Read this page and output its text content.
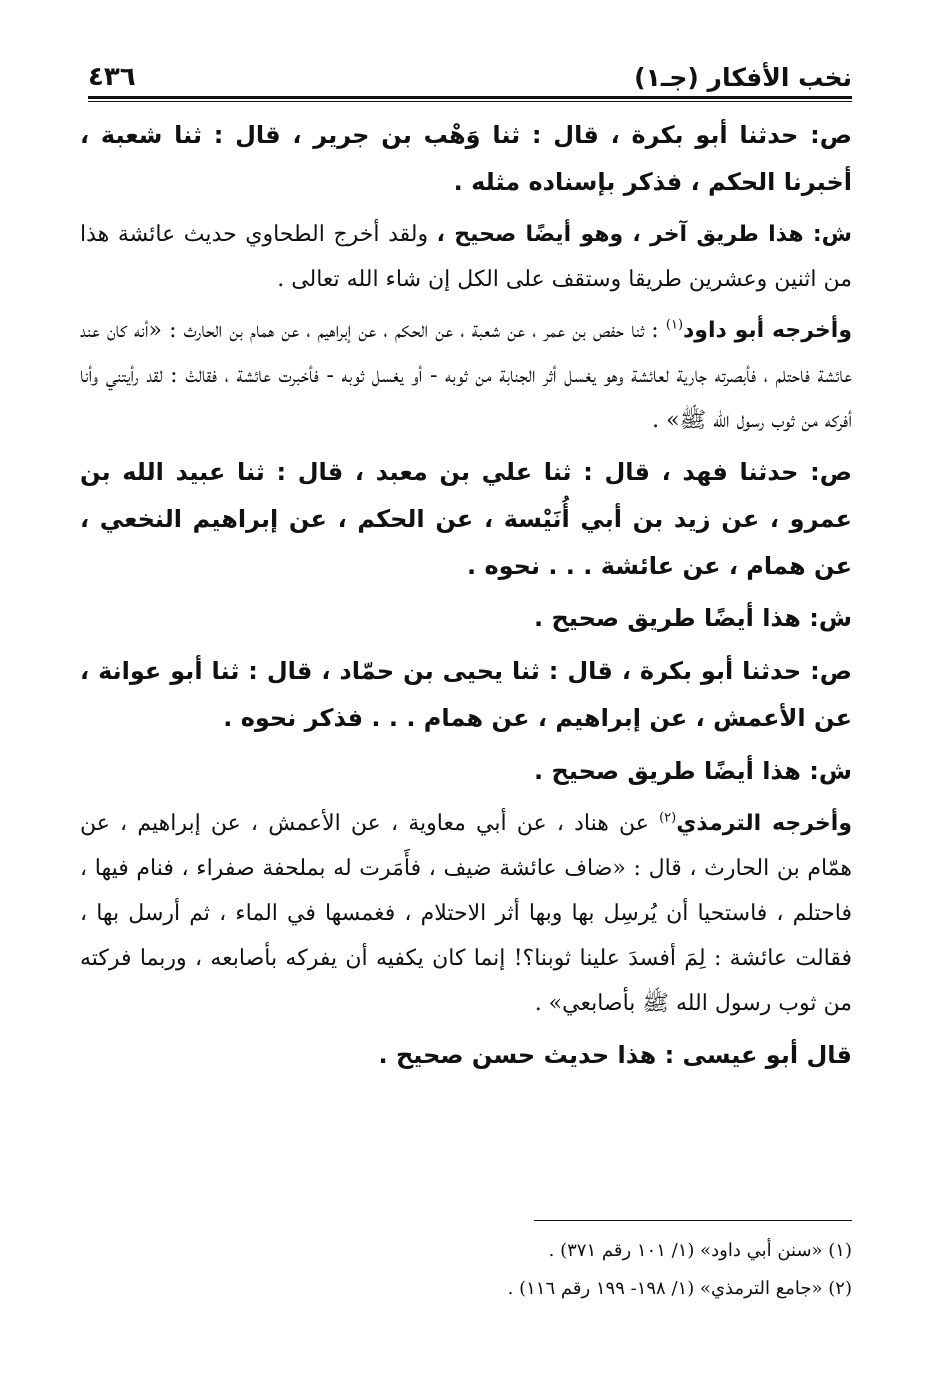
نخب الأفكار (جـ١)
٤٣٦

ص: حدثنا أبو بكرة ، قال : ثنا وَهْب بن جرير ، قال : ثنا شعبة ، أخبرنا الحكم ، فذكر بإسناده مثله .

ش: هذا طريق آخر ، وهو أيضًا صحيح ، ولقد أخرج الطحاوي حديث عائشة هذا من اثنين وعشرين طريقا وستقف على الكل إن شاء الله تعالى .

وأخرجه أبو داود$^{(١)}$ : ثنا حفص بن عمر ، عن شعبة ، عن الحكم ، عن إبراهيم ، عن همام بن الحارث : «أنه كان عند عائشة فاحتلم ، فأبصرته جارية لعائشة وهو يغسل أثر الجنابة من ثوبه - أو يغسل ثوبه - فأخبرت عائشة ، فقالتْ : لقد رأيتني وأنا أفركه من ثوب رسول الله ﷺ» .

ص: حدثنا فهد ، قال : ثنا علي بن معبد ، قال : ثنا عبيد الله بن عمرو ، عن زيد بن أبي أُنَيْسة ، عن الحكم ، عن إبراهيم النخعي ، عن همام ، عن عائشة . . . نحوه .

ش: هذا أيضًا طريق صحيح .

ص: حدثنا أبو بكرة ، قال : ثنا يحيى بن حمّاد ، قال : ثنا أبو عوانة ، عن الأعمش ، عن إبراهيم ، عن همام . . . فذكر نحوه .

ش: هذا أيضًا طريق صحيح .

وأخرجه الترمذي$^{(٢)}$ عن هناد ، عن أبي معاوية ، عن الأعمش ، عن إبراهيم ، عن همّام بن الحارث ، قال : «ضاف عائشة ضيف ، فأَمَرت له بملحفة صفراء ، فنام فيها ، فاحتلم ، فاستحيا أن يُرسِل بها وبها أثر الاحتلام ، فغمسها في الماء ، ثم أرسل بها ، فقالت عائشة : لِمَ أفسدَ علينا ثوبنا؟! إنما كان يكفيه أن يفركه بأصابعه ، وربما فركته من ثوب رسول الله ﷺ بأصابعي» .

قال أبو عيسى : هذا حديث حسن صحيح .

(١) «سنن أبي داود» (١/ ١٠١ رقم ٣٧١) .
(٢) «جامع الترمذي» (١/ ١٩٨- ١٩٩ رقم ١١٦) .
